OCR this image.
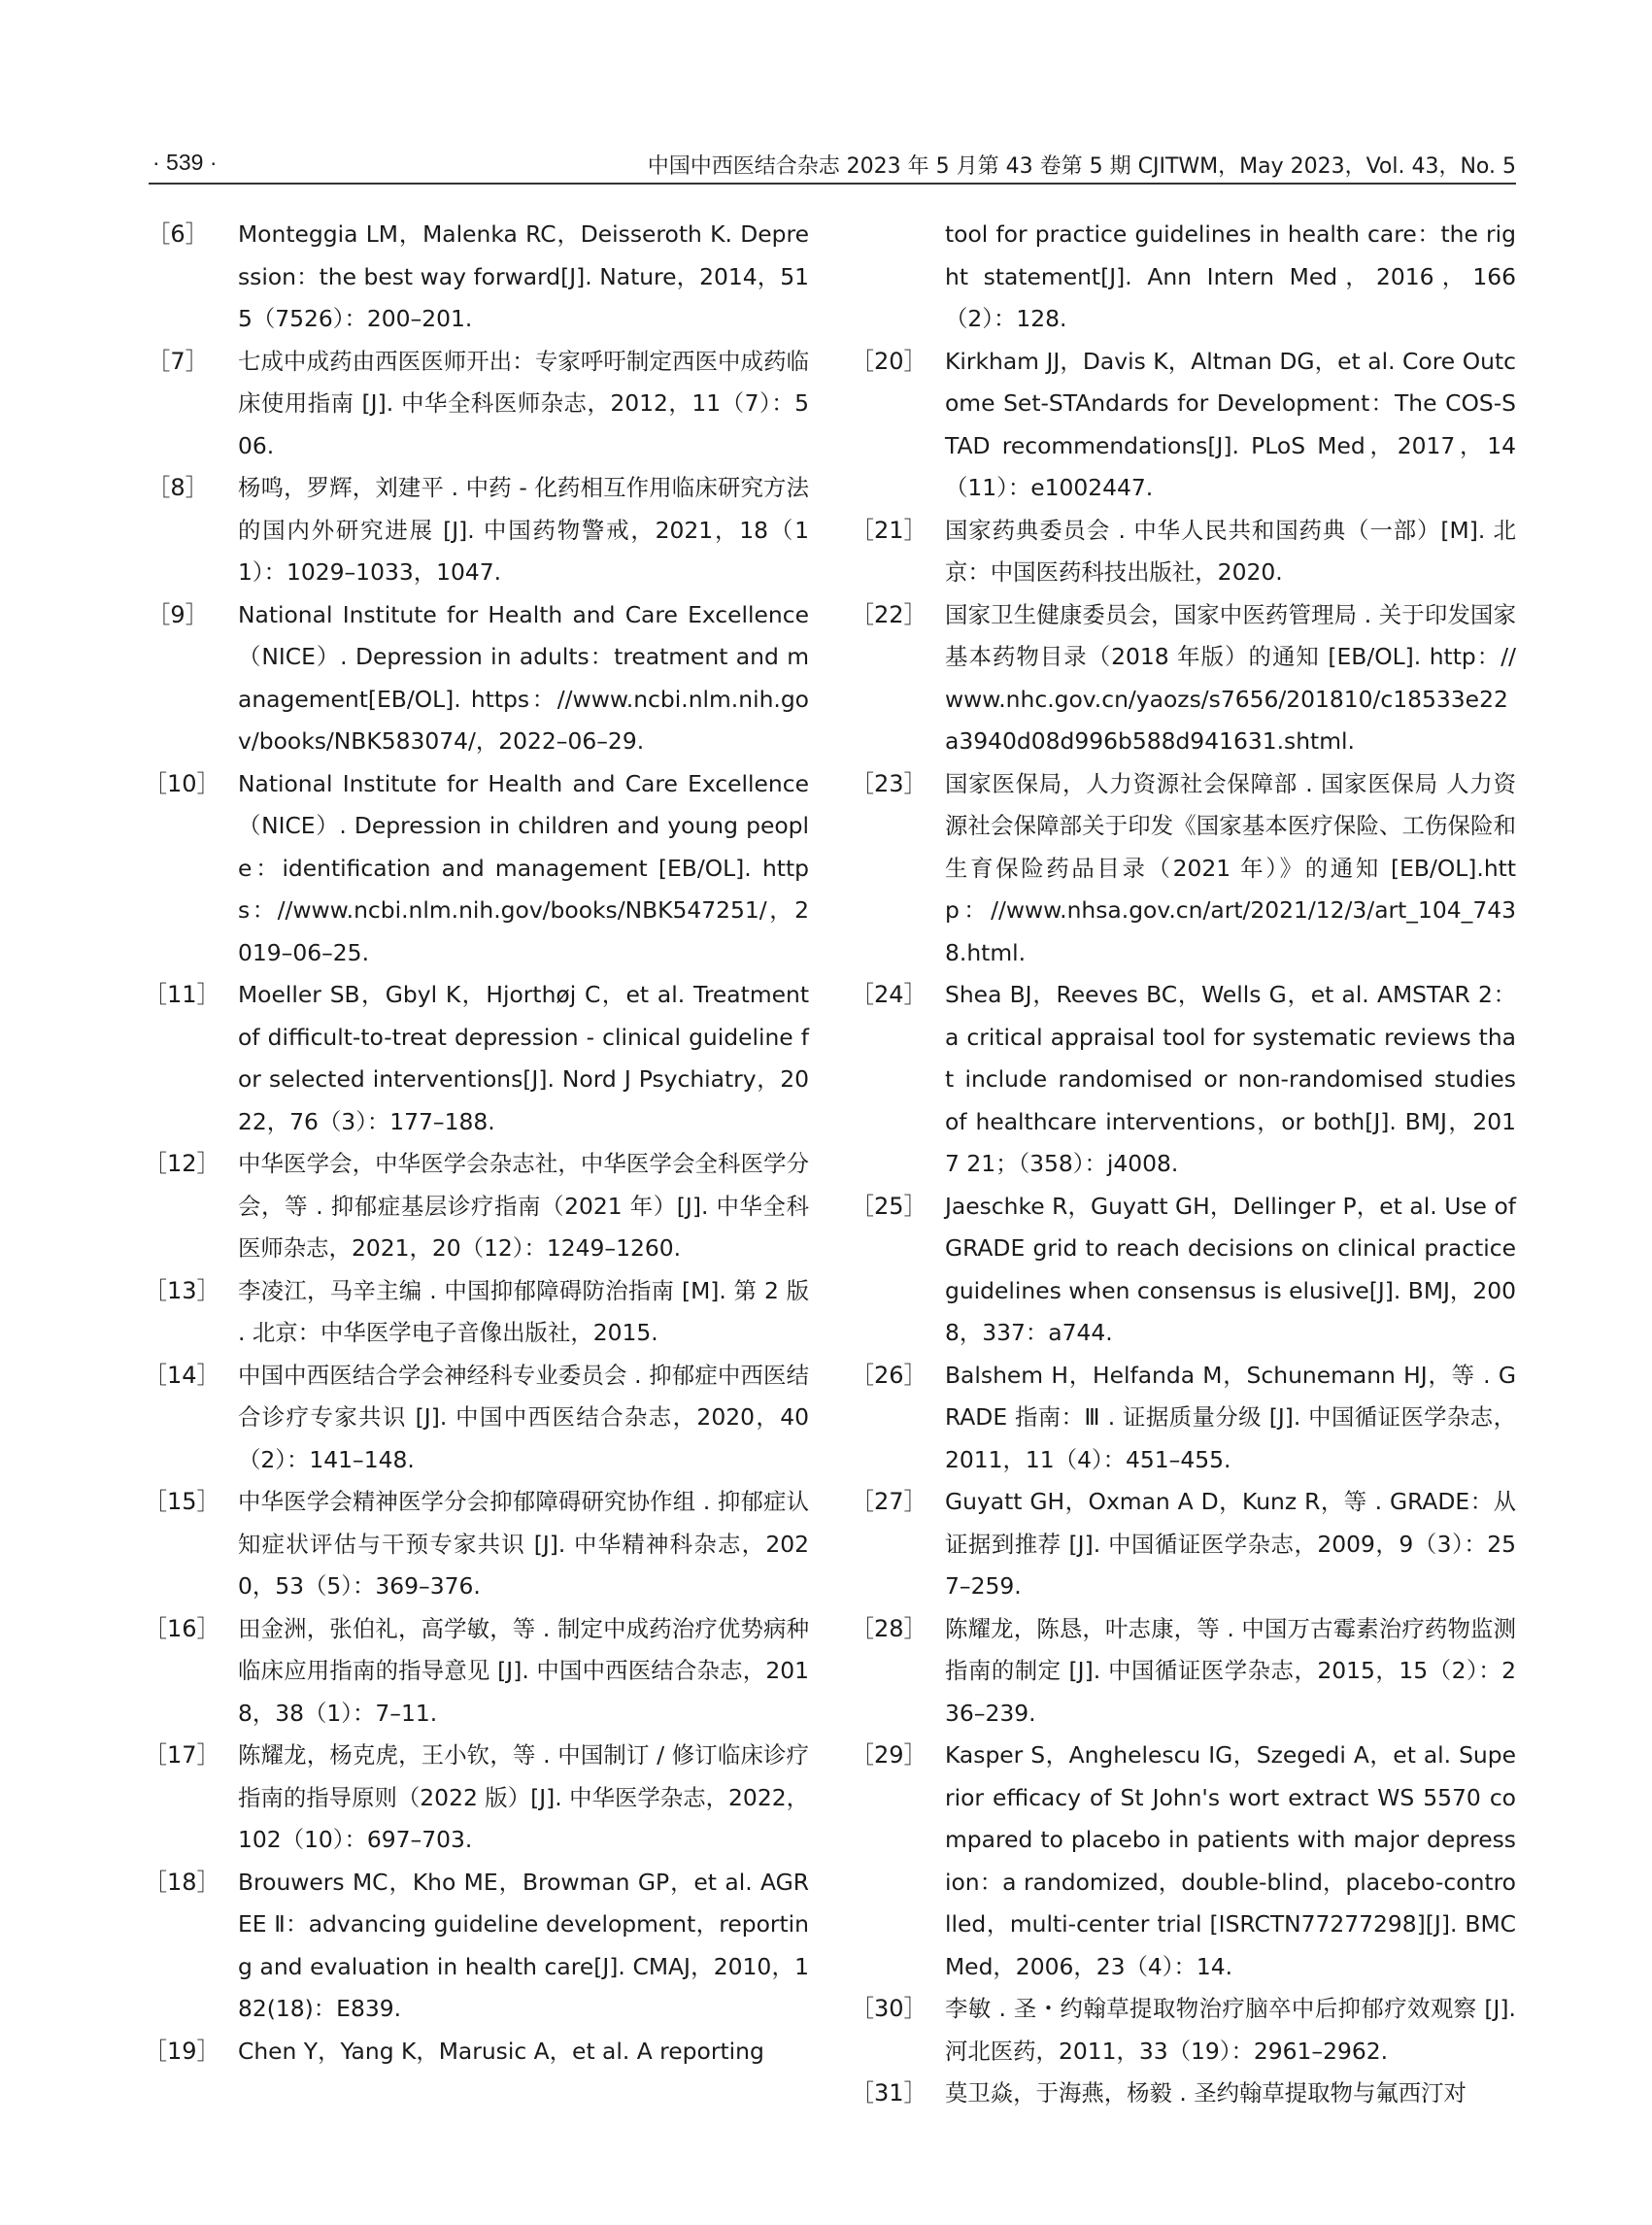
· 539 ·	中国中西医结合杂志 2023 年 5 月第 43 卷第 5 期 CJITWM，May 2023，Vol. 43，No. 5
［6］ Monteggia LM，Malenka RC，Deisseroth K. Depression：the best way forward[J]. Nature，2014，515（7526）：200–201.
［7］ 七成中成药由西医医师开出：专家呼吁制定西医中成药临床使用指南 [J]. 中华全科医师杂志，2012，11（7）：506.
［8］ 杨鸣，罗辉，刘建平 . 中药 - 化药相互作用临床研究方法的国内外研究进展 [J]. 中国药物警戒，2021，18（11）：1029–1033，1047.
［9］ National Institute for Health and Care Excellence（NICE）. Depression in adults：treatment and management[EB/OL]. https：//www.ncbi.nlm.nih.gov/books/NBK583074/，2022–06–29.
［10］ National Institute for Health and Care Excellence（NICE）. Depression in children and young people：identification and management [EB/OL]. https：//www.ncbi.nlm.nih.gov/books/NBK547251/，2019–06–25.
［11］ Moeller SB，Gbyl K，Hjorthøj C，et al. Treatment of difficult-to-treat depression - clinical guideline for selected interventions[J]. Nord J Psychiatry，2022，76（3）：177–188.
［12］ 中华医学会，中华医学会杂志社，中华医学会全科医学分会，等 . 抑郁症基层诊疗指南（2021 年）[J]. 中华全科医师杂志，2021，20（12）：1249–1260.
［13］ 李凌江，马辛主编 . 中国抑郁障碍防治指南 [M]. 第 2 版 . 北京：中华医学电子音像出版社，2015.
［14］ 中国中西医结合学会神经科专业委员会 . 抑郁症中西医结合诊疗专家共识 [J]. 中国中西医结合杂志，2020，40（2）：141–148.
［15］ 中华医学会精神医学分会抑郁障碍研究协作组 . 抑郁症认知症状评估与干预专家共识 [J]. 中华精神科杂志，2020，53（5）：369–376.
［16］ 田金洲，张伯礼，高学敏，等 . 制定中成药治疗优势病种临床应用指南的指导意见 [J]. 中国中西医结合杂志，2018，38（1）：7–11.
［17］ 陈耀龙，杨克虎，王小钦，等 . 中国制订 / 修订临床诊疗指南的指导原则（2022 版）[J]. 中华医学杂志，2022，102（10）：697–703.
［18］ Brouwers MC，Kho ME，Browman GP，et al. AGREE Ⅱ：advancing guideline development，reporting and evaluation in health care[J]. CMAJ，2010，182(18)：E839.
［19］ Chen Y，Yang K，Marusic A，et al. A reporting
tool for practice guidelines in health care：the right statement[J]. Ann Intern Med，2016，166（2）：128.
［20］ Kirkham JJ，Davis K，Altman DG，et al. Core Outcome Set-STAndards for Development：The COS-STAD recommendations[J]. PLoS Med，2017，14（11）：e1002447.
［21］ 国家药典委员会 . 中华人民共和国药典（一部）[M]. 北京：中国医药科技出版社，2020.
［22］ 国家卫生健康委员会，国家中医药管理局 . 关于印发国家基本药物目录（2018 年版）的通知 [EB/OL]. http：//www.nhc.gov.cn/yaozs/s7656/201810/c18533e22a3940d08d996b588d941631.shtml.
［23］ 国家医保局，人力资源社会保障部 . 国家医保局 人力资源社会保障部关于印发《国家基本医疗保险、工伤保险和生育保险药品目录（2021 年）》的通知 [EB/OL].http：//www.nhsa.gov.cn/art/2021/12/3/art_104_7438.html.
［24］ Shea BJ，Reeves BC，Wells G，et al. AMSTAR 2：a critical appraisal tool for systematic reviews that include randomised or non-randomised studies of healthcare interventions，or both[J]. BMJ，2017 21；（358）：j4008.
［25］ Jaeschke R，Guyatt GH，Dellinger P，et al. Use of GRADE grid to reach decisions on clinical practice guidelines when consensus is elusive[J]. BMJ，2008，337：a744.
［26］ Balshem H，Helfanda M，Schunemann HJ，等 . GRADE 指南：Ⅲ . 证据质量分级 [J]. 中国循证医学杂志，2011，11（4）：451–455.
［27］ Guyatt GH，Oxman A D，Kunz R，等 . GRADE：从证据到推荐 [J]. 中国循证医学杂志，2009，9（3）：257–259.
［28］ 陈耀龙，陈恳，叶志康，等 . 中国万古霉素治疗药物监测指南的制定 [J]. 中国循证医学杂志，2015，15（2）：236–239.
［29］ Kasper S，Anghelescu IG，Szegedi A，et al. Superior efficacy of St John's wort extract WS 5570 compared to placebo in patients with major depression：a randomized，double-blind，placebo-controlled，multi-center trial [ISRCTN77277298][J]. BMC Med，2006，23（4）：14.
［30］ 李敏 . 圣・约翰草提取物治疗脑卒中后抑郁疗效观察 [J]. 河北医药，2011，33（19）：2961–2962.
［31］ 莫卫焱，于海燕，杨毅 . 圣约翰草提取物与氟西汀对
